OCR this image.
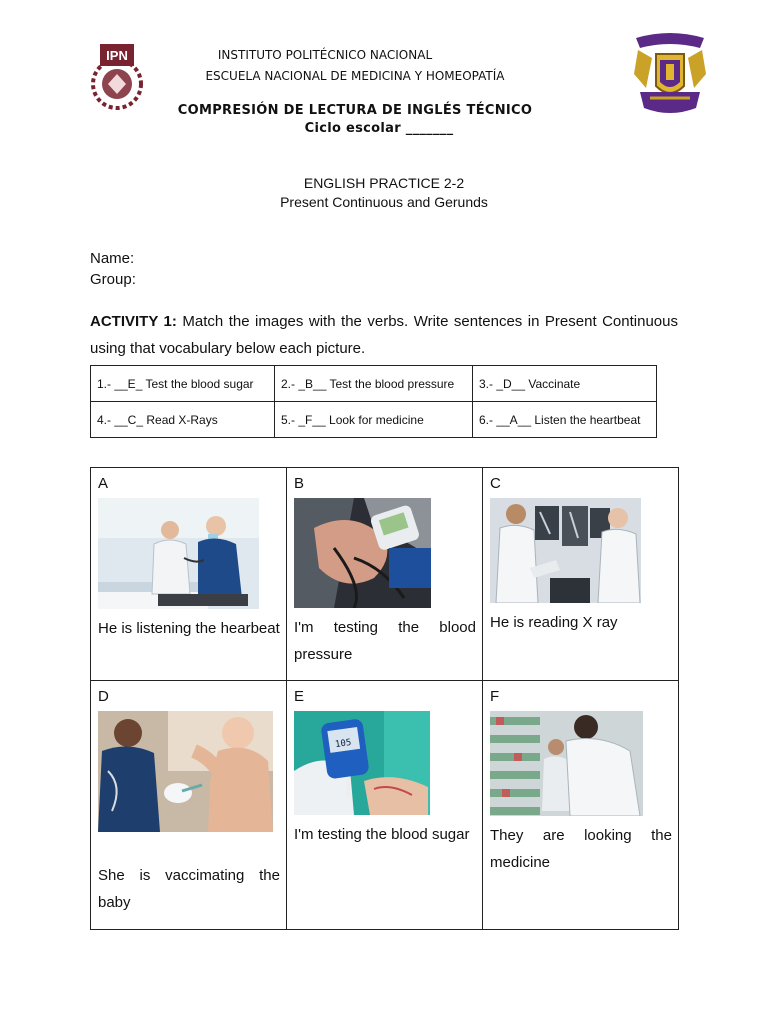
IPN	INSTITUTO POLITÉCNICO NACIONAL
ESCUELA NACIONAL DE MEDICINA Y HOMEOPATÍA
COMPRESIÓN DE LECTURA DE INGLÉS TÉCNICO
Ciclo escolar _______
ENGLISH PRACTICE 2-2
Present Continuous and Gerunds
Name:
Group:
ACTIVITY 1: Match the images with the verbs. Write sentences in Present Continuous using that vocabulary below each picture.
1.- __E_ Test the blood sugar	2.- _B__ Test the blood pressure	3.- _D__ Vaccinate
4.- __C_ Read X-Rays	5.- _F__ Look for medicine	6.- __A__ Listen the heartbeat
A
He is listening the hearbeat	B
I'm testing the blood pressure	C
He is reading X ray

D
She is vaccimating the baby	E
105
I'm testing the blood sugar	F
They are looking the medicine
